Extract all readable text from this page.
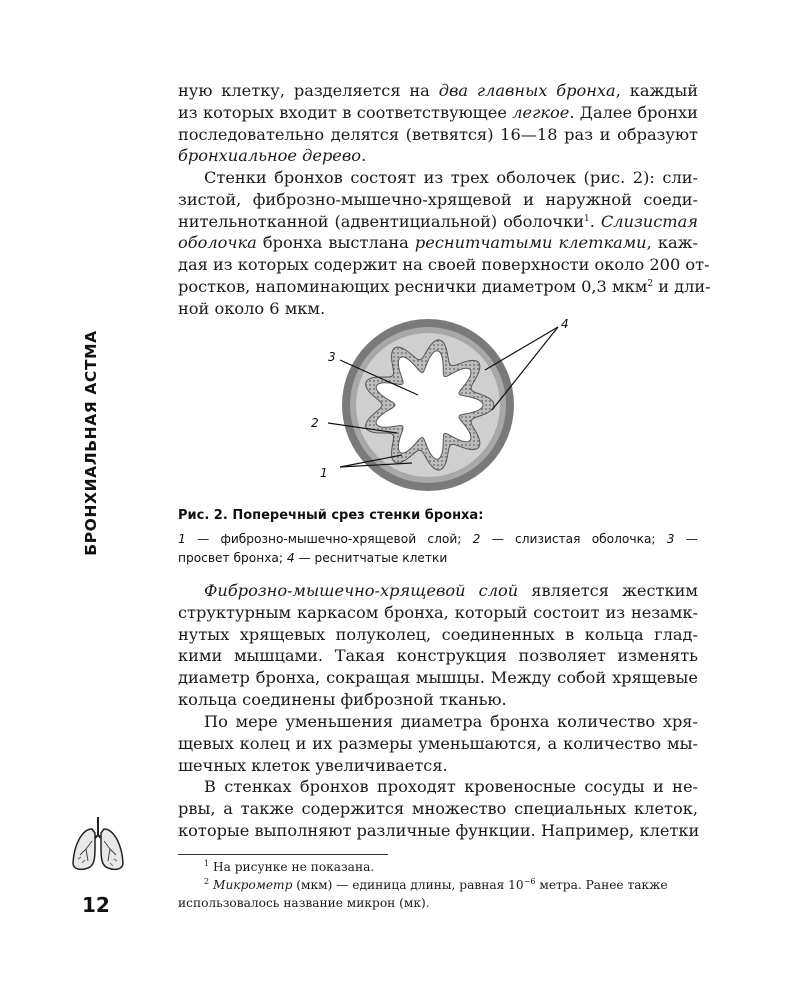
БРОНХИАЛЬНАЯ АСТМА
ную клетку, разделяется на два главных бронха, каждый
из которых входит в соответствующее легкое. Далее бронхи
последовательно делятся (ветвятся) 16—18 раз и образуют
бронхиальное дерево.
Стенки бронхов состоят из трех оболочек (рис. 2): сли-
зистой, фиброзно-мышечно-хрящевой и наружной соеди-
нительнотканной (адвентициальной) оболочки$^1$. Слизистая
оболочка бронха выстлана реснитчатыми клетками, каж-
дая из которых содержит на своей поверхности около 200 от-
ростков, напоминающих реснички диаметром 0,3 мкм$^2$ и дли-
ной около 6 мкм.
4
3
2
1
Рис. 2. Поперечный срез стенки бронха:
1 — фиброзно-мышечно-хрящевой слой; 2 — слизистая оболочка; 3 —
просвет бронха; 4 — реснитчатые клетки
Фиброзно-мышечно-хрящевой слой является жестким
структурным каркасом бронха, который состоит из незамк-
нутых хрящевых полуколец, соединенных в кольца глад-
кими мышцами. Такая конструкция позволяет изменять
диаметр бронха, сокращая мышцы. Между собой хрящевые
кольца соединены фиброзной тканью.
По мере уменьшения диаметра бронха количество хря-
щевых колец и их размеры уменьшаются, а количество мы-
шечных клеток увеличивается.
В стенках бронхов проходят кровеносные сосуды и не-
рвы, а также содержится множество специальных клеток,
которые выполняют различные функции. Например, клетки
12
$^1$ На рисунке не показана.
$^2$ Микрометр (мкм) — единица длины, равная $10^{-6}$ метра. Ранее также
использовалось название микрон (мк).
